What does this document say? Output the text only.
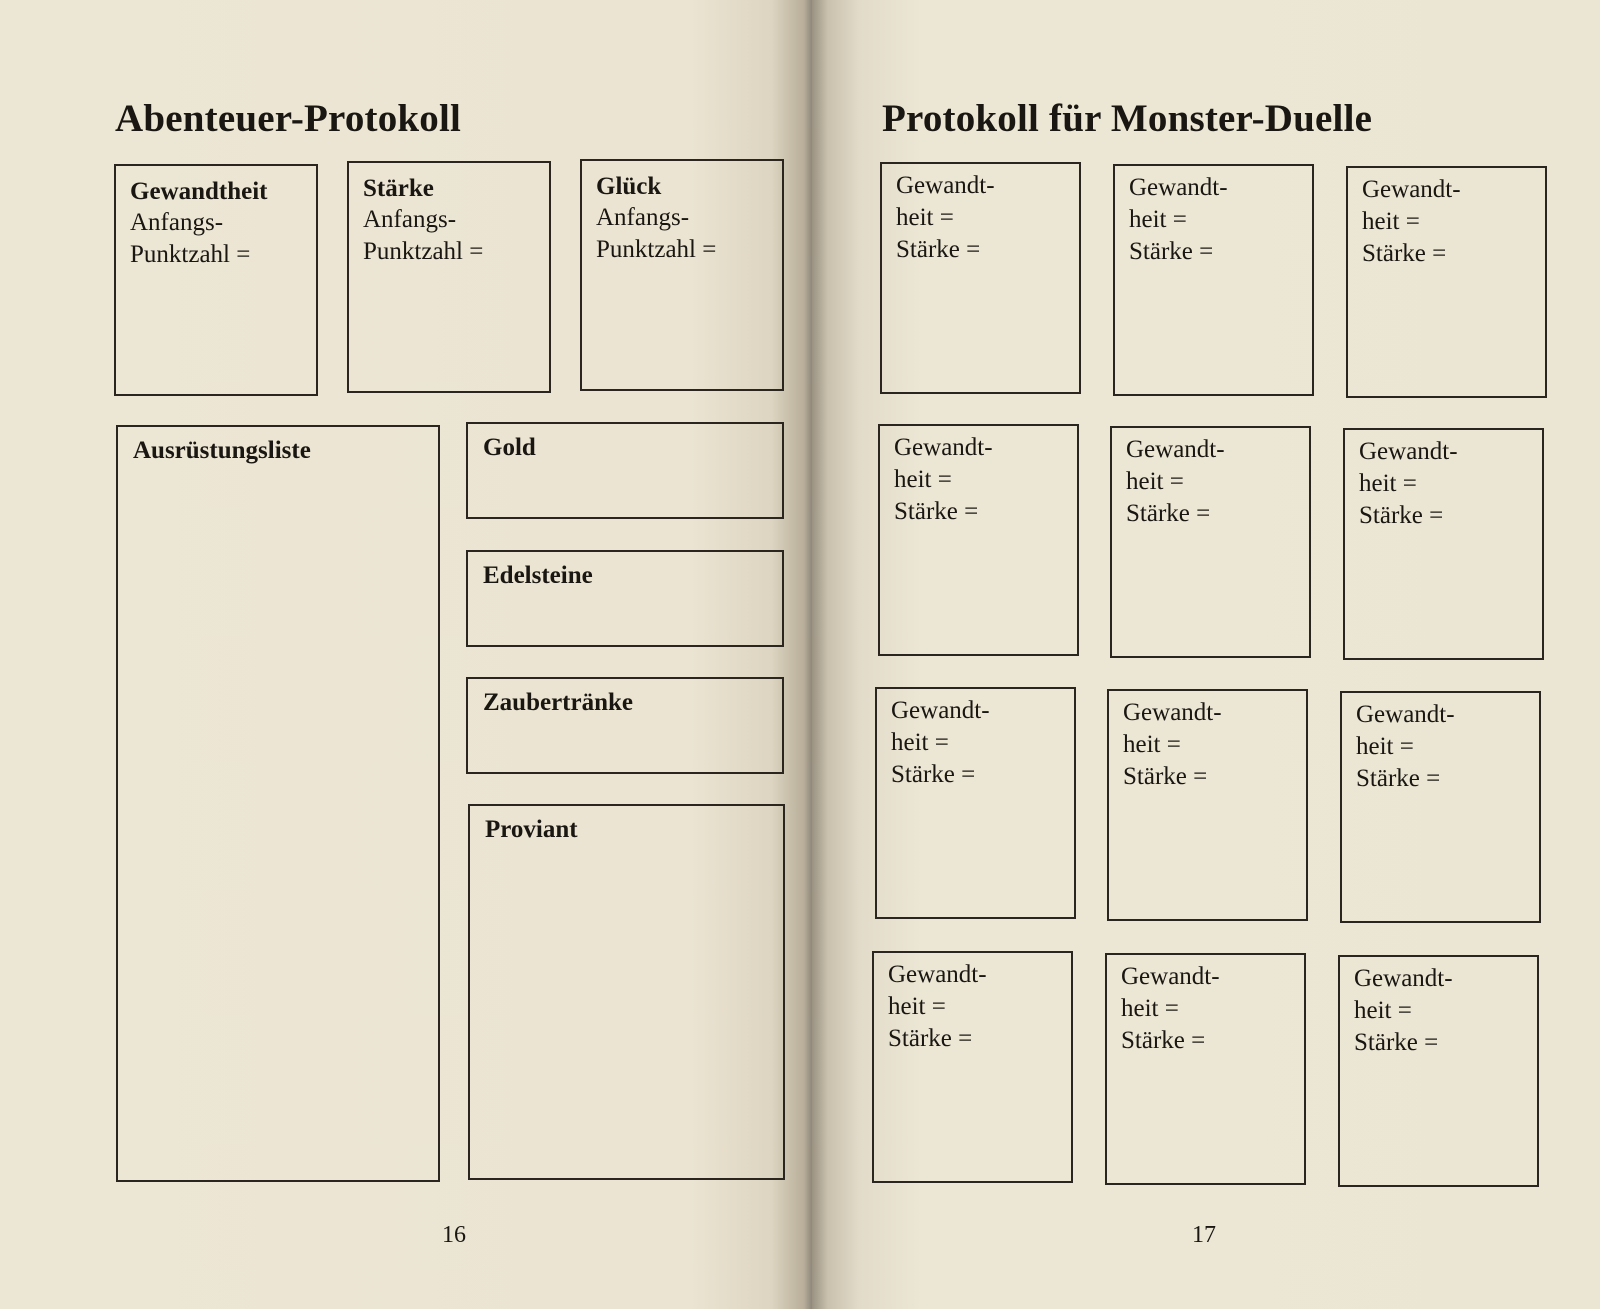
Abenteuer-Protokoll
Gewandtheit
Anfangs-
Punktzahl =
Stärke
Anfangs-
Punktzahl =
Glück
Anfangs-
Punktzahl =
Ausrüstungsliste	Gold
Edelsteine
Zaubertränke
Proviant
16
Protokoll für Monster-Duelle
Gewandt-
heit =
Stärke =
Gewandt-
heit =
Stärke =
Gewandt-
heit =
Stärke =
Gewandt-
heit =
Stärke =
Gewandt-
heit =
Stärke =
Gewandt-
heit =
Stärke =
Gewandt-
heit =
Stärke =
Gewandt-
heit =
Stärke =
Gewandt-
heit =
Stärke =
Gewandt-
heit =
Stärke =
Gewandt-
heit =
Stärke =
Gewandt-
heit =
Stärke =
17
